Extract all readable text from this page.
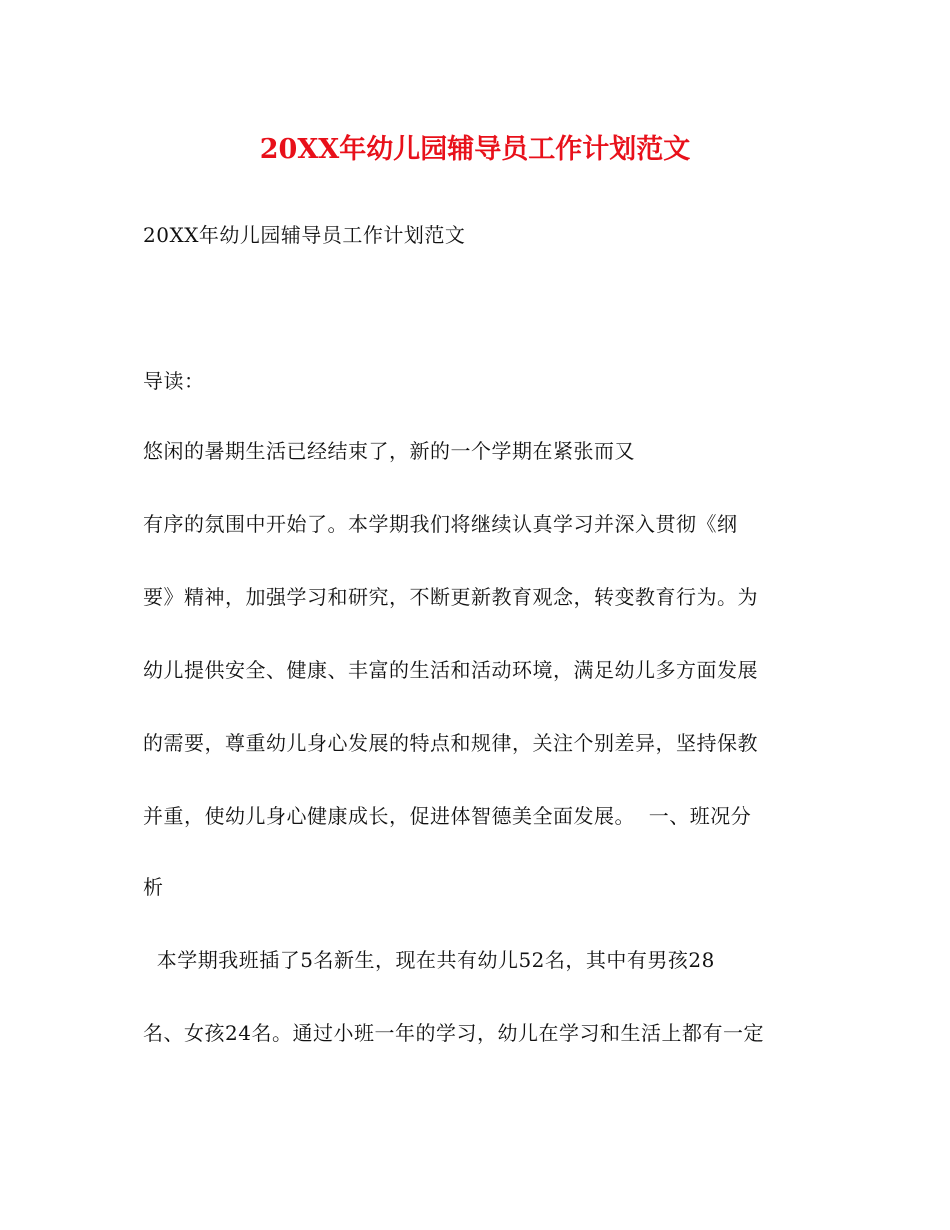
20XX年幼儿园辅导员工作计划范文
20XX年幼儿园辅导员工作计划范文
导读：
悠闲的暑期生活已经结束了，新的一个学期在紧张而又
有序的氛围中开始了。本学期我们将继续认真学习并深入贯彻《纲
要》精神，加强学习和研究，不断更新教育观念，转变教育行为。为
幼儿提供安全、健康、丰富的生活和活动环境，满足幼儿多方面发展
的需要，尊重幼儿身心发展的特点和规律，关注个别差异，坚持保教
并重，使幼儿身心健康成长，促进体智德美全面发展。  一、班况分
析
本学期我班插了5名新生，现在共有幼儿52名，其中有男孩28
名、女孩24名。通过小班一年的学习，幼儿在学习和生活上都有一定
